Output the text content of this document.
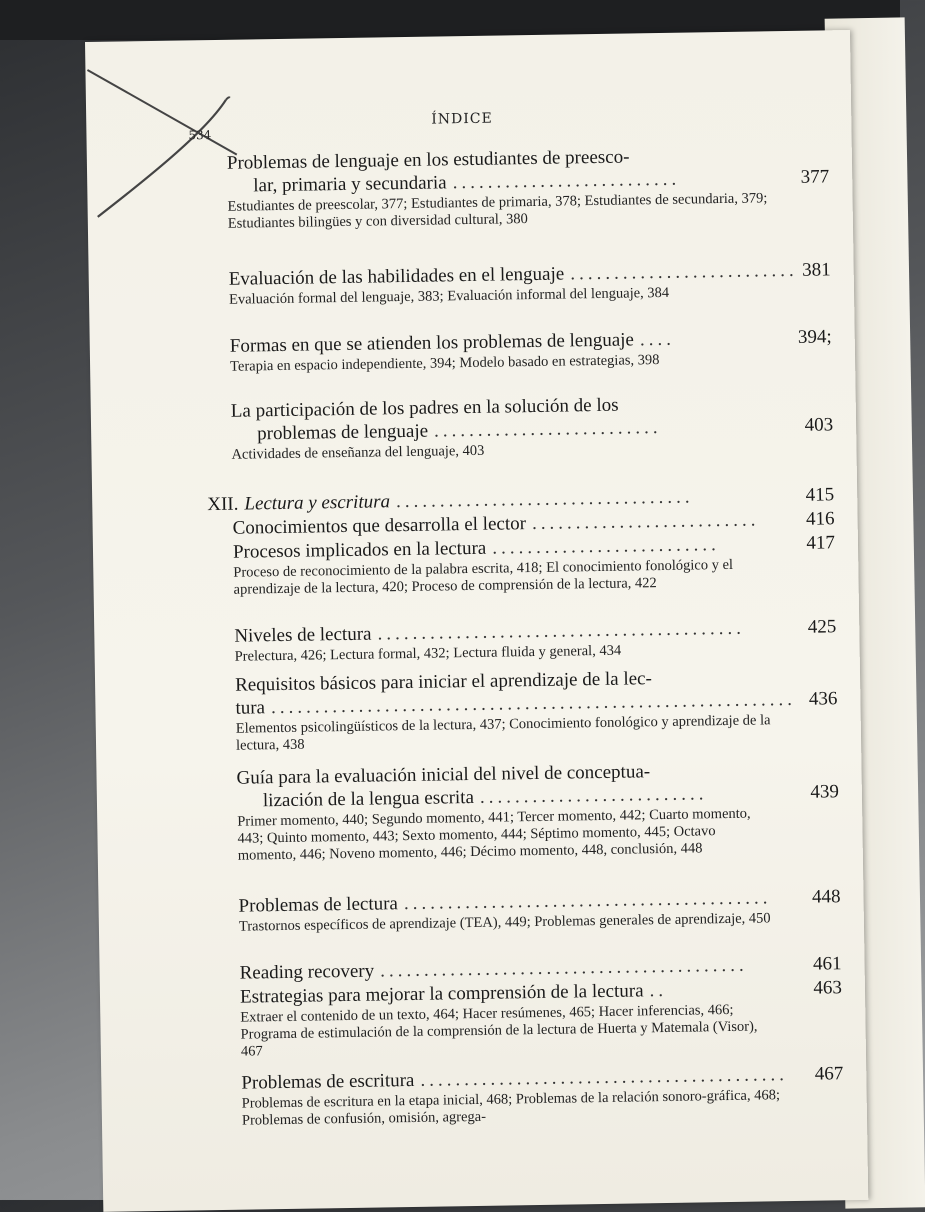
534
ÍNDICE
Problemas de lenguaje en los estudiantes de preesco-
lar, primaria y secundaria ..........................	377
Estudiantes de preescolar, 377; Estudiantes de primaria, 378; Estudiantes de secundaria, 379; Estudiantes bilingües y con diversidad cultural, 380
Evaluación de las habilidades en el lenguaje .......................... 381
Evaluación formal del lenguaje, 383; Evaluación informal del lenguaje, 384
Formas en que se atienden los problemas de lenguaje ....	394;
Terapia en espacio independiente, 394; Modelo basado en estrategias, 398
La participación de los padres en la solución de los
problemas de lenguaje ..........................	403
Actividades de enseñanza del lenguaje, 403
XII. Lectura y escritura ..................................	415
Conocimientos que desarrolla el lector ..........................	416
Procesos implicados en la lectura ..........................	417
Proceso de reconocimiento de la palabra escrita, 418; El conocimiento fonológico y el aprendizaje de la lectura, 420; Proceso de comprensión de la lectura, 422
Niveles de lectura ..........................................	425
Prelectura, 426; Lectura formal, 432; Lectura fluida y general, 434
Requisitos básicos para iniciar el aprendizaje de la lec-
tura ............................................................ 436
Elementos psicolingüísticos de la lectura, 437; Conocimiento fonológico y aprendizaje de la lectura, 438
Guía para la evaluación inicial del nivel de conceptua-
lización de la lengua escrita ..........................	439
Primer momento, 440; Segundo momento, 441; Tercer momento, 442; Cuarto momento, 443; Quinto momento, 443; Sexto momento, 444; Séptimo momento, 445; Octavo momento, 446; Noveno momento, 446; Décimo momento, 448, conclusión, 448
Problemas de lectura ..........................................	448
Trastornos específicos de aprendizaje (TEA), 449; Problemas generales de aprendizaje, 450
Reading recovery ..........................................	461
Estrategias para mejorar la comprensión de la lectura ..	463
Extraer el contenido de un texto, 464; Hacer resúmenes, 465; Hacer inferencias, 466; Programa de estimulación de la comprensión de la lectura de Huerta y Matemala (Visor), 467
Problemas de escritura ..........................................	467
Problemas de escritura en la etapa inicial, 468; Problemas de la relación sonoro-gráfica, 468; Problemas de confusión, omisión, agrega-
